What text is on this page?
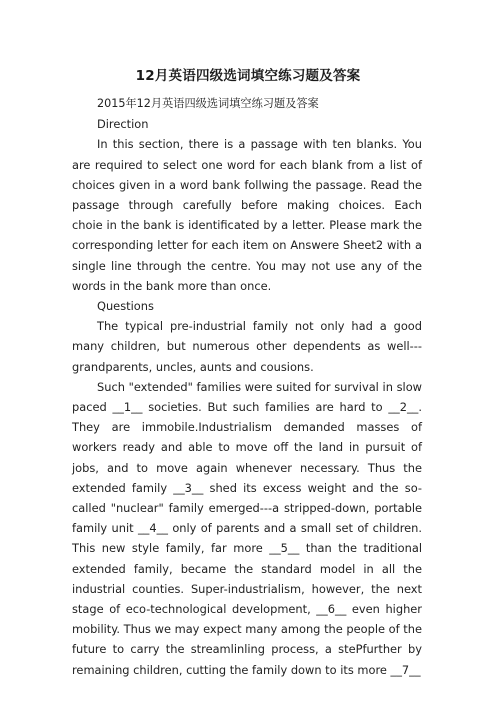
12月英语四级选词填空练习题及答案

2015年12月英语四级选词填空练习题及答案

Direction

In this section, there is a passage with ten blanks. You are required to select one word for each blank from a list of choices given in a word bank follwing the passage. Read the passage through carefully before making choices. Each choie in the bank is identificated by a letter. Please mark the corresponding letter for each item on Answere Sheet2 with a single line through the centre. You may not use any of the words in the bank more than once.

Questions

The typical pre-industrial family not only had a good many children, but numerous other dependents as well---grandparents, uncles, aunts and cousions.

Such "extended" families were suited for survival in slow paced __1__ societies. But such families are hard to __2__. They are immobile.Industrialism demanded masses of workers ready and able to move off the land in pursuit of jobs, and to move again whenever necessary. Thus the extended family __3__ shed its excess weight and the so-called "nuclear" family emerged---a stripped-down, portable family unit __4__ only of parents and a small set of children. This new style family, far more __5__ than the traditional extended family, became the standard model in all the industrial counties. Super-industrialism, however, the next stage of eco-technological development, __6__ even higher mobility. Thus we may expect many among the people of the future to carry the streamlinling process, a stePfurther by remaining children, cutting the family down to its more __7__
